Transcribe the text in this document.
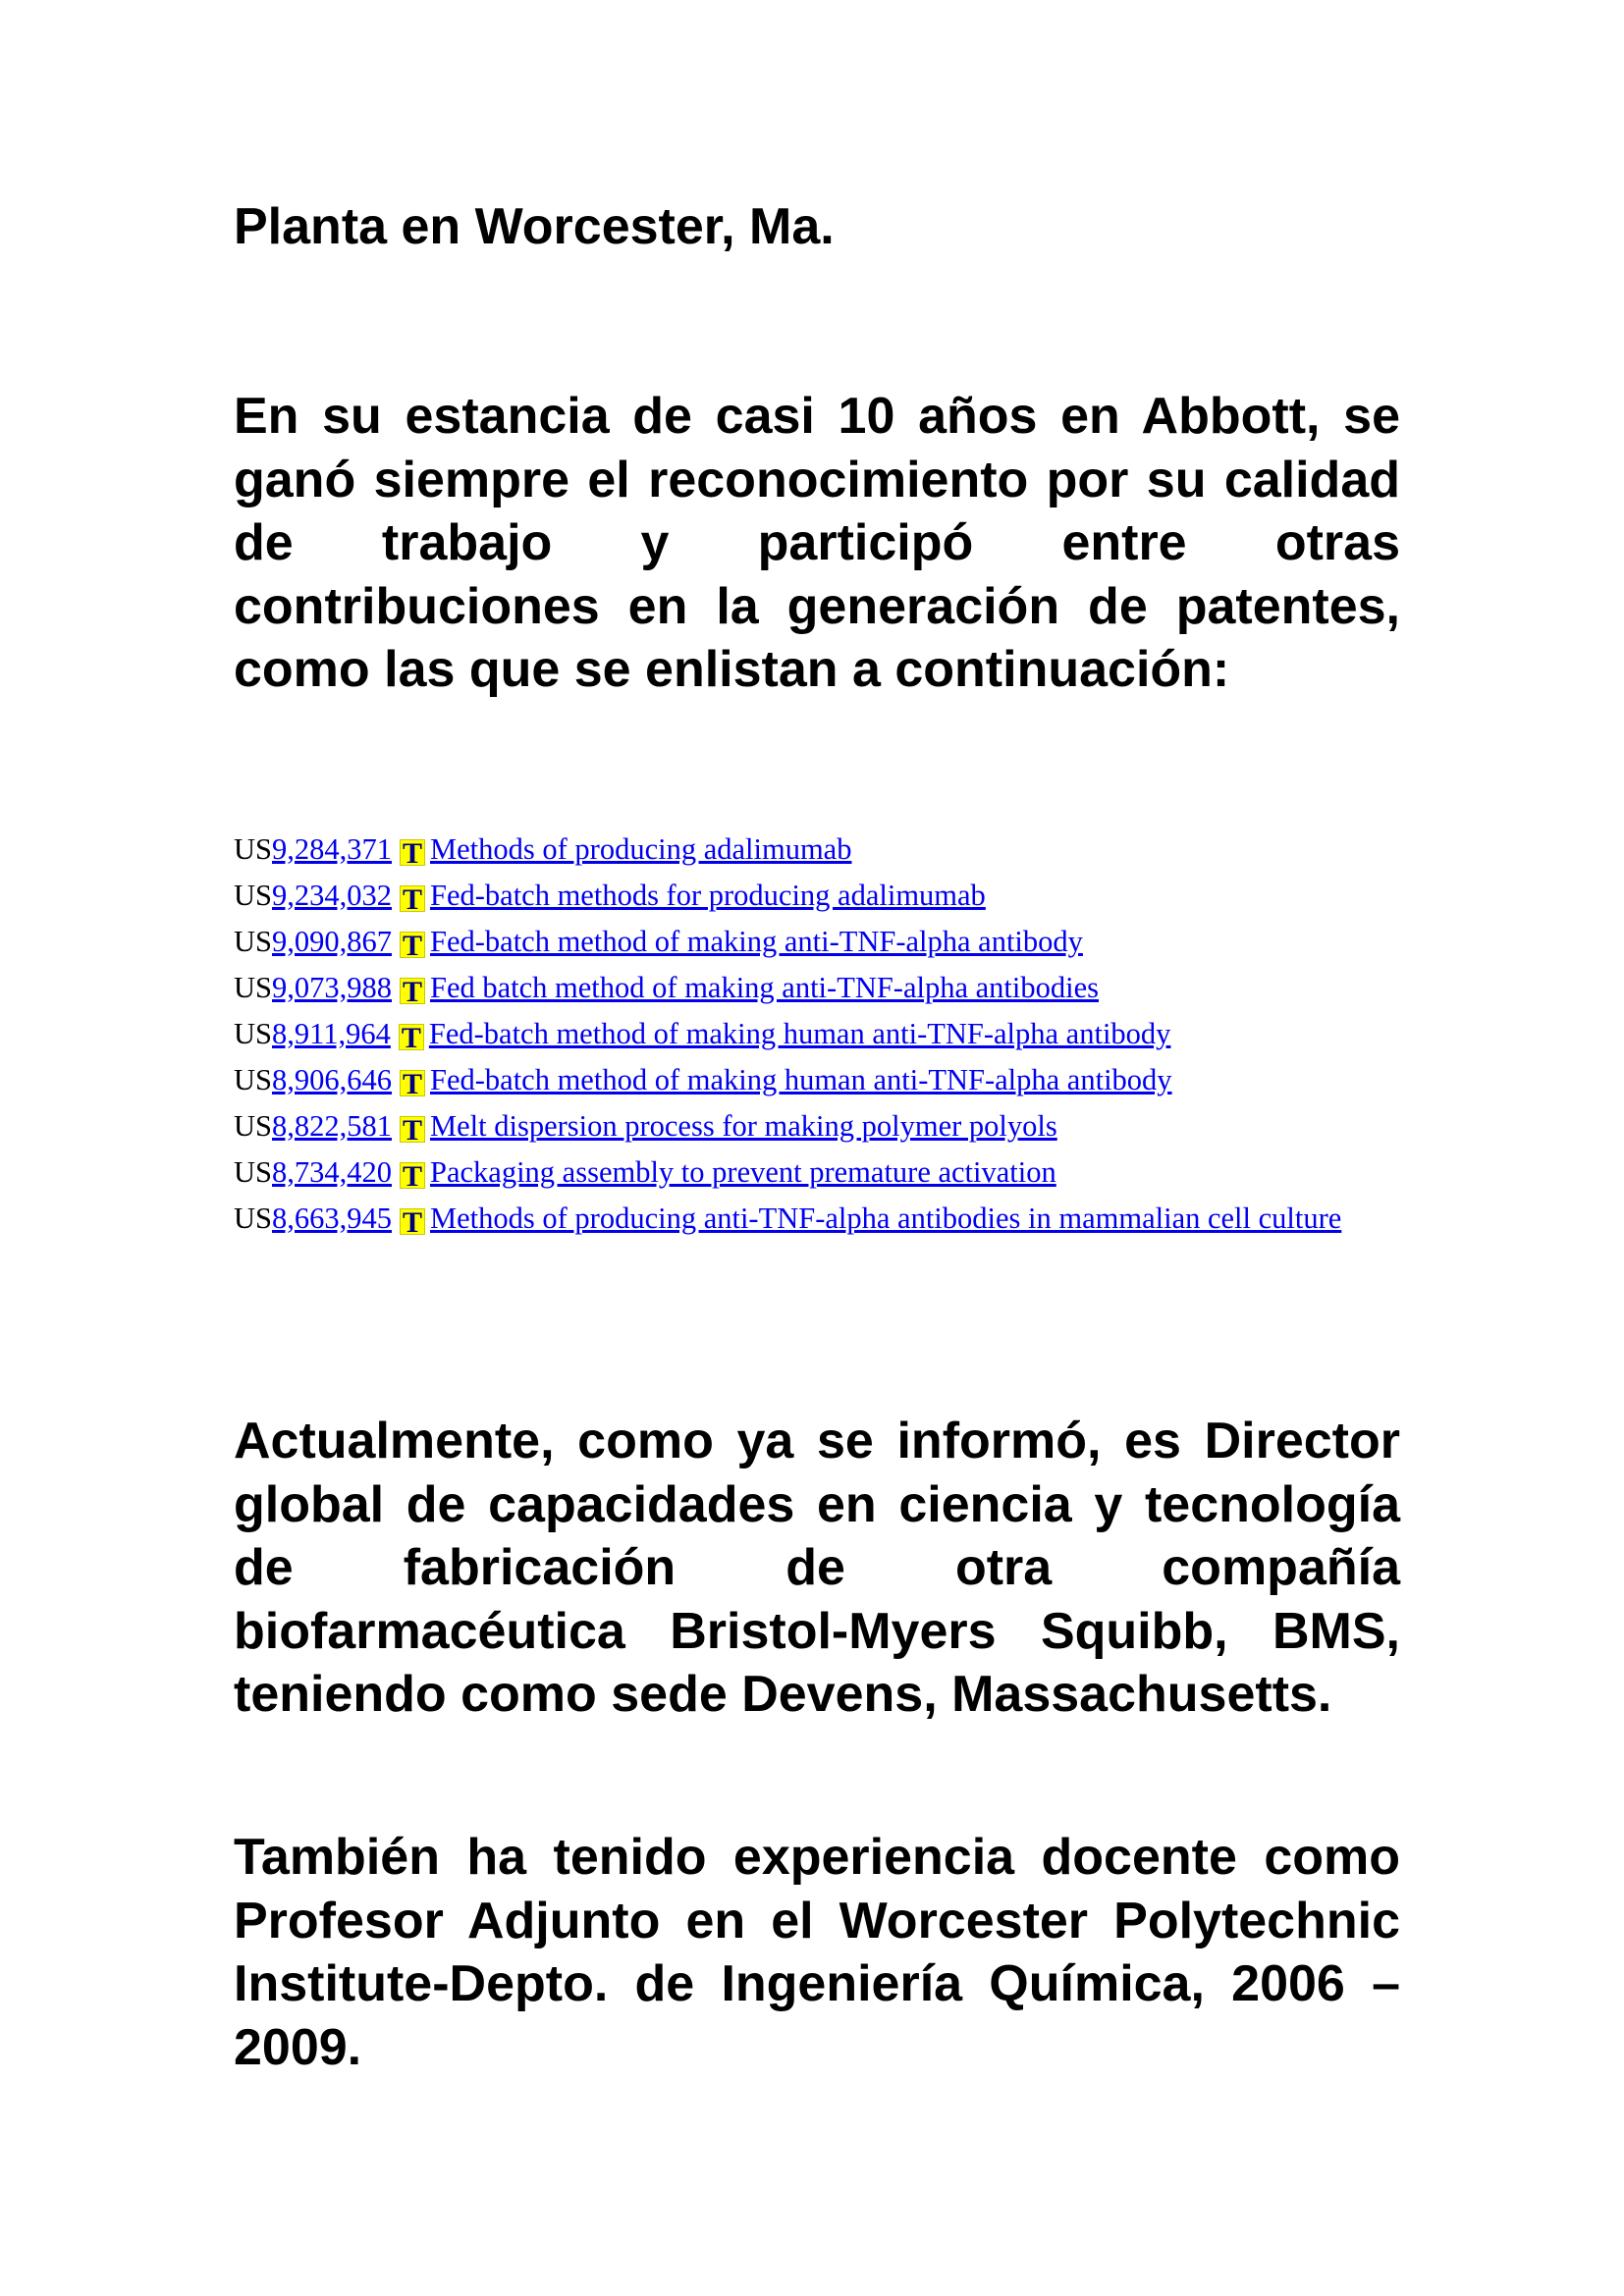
Planta en Worcester, Ma.

En su estancia de casi 10 años en Abbott, se ganó siempre el reconocimiento por su calidad de trabajo y participó entre otras contribuciones en la generación de patentes, como las que se enlistan a continuación:

US9,284,371 T Methods of producing adalimumab
US9,234,032 T Fed-batch methods for producing adalimumab
US9,090,867 T Fed-batch method of making anti-TNF-alpha antibody
US9,073,988 T Fed batch method of making anti-TNF-alpha antibodies
US8,911,964 T Fed-batch method of making human anti-TNF-alpha antibody
US8,906,646 T Fed-batch method of making human anti-TNF-alpha antibody
US8,822,581 T Melt dispersion process for making polymer polyols
US8,734,420 T Packaging assembly to prevent premature activation
US8,663,945 T Methods of producing anti-TNF-alpha antibodies in mammalian cell culture

Actualmente, como ya se informó, es Director global de capacidades en ciencia y tecnología de fabricación de otra compañía biofarmacéutica Bristol-Myers Squibb, BMS, teniendo como sede Devens, Massachusetts.

También ha tenido experiencia docente como Profesor Adjunto en el Worcester Polytechnic Institute-Depto. de Ingeniería Química, 2006 – 2009.
